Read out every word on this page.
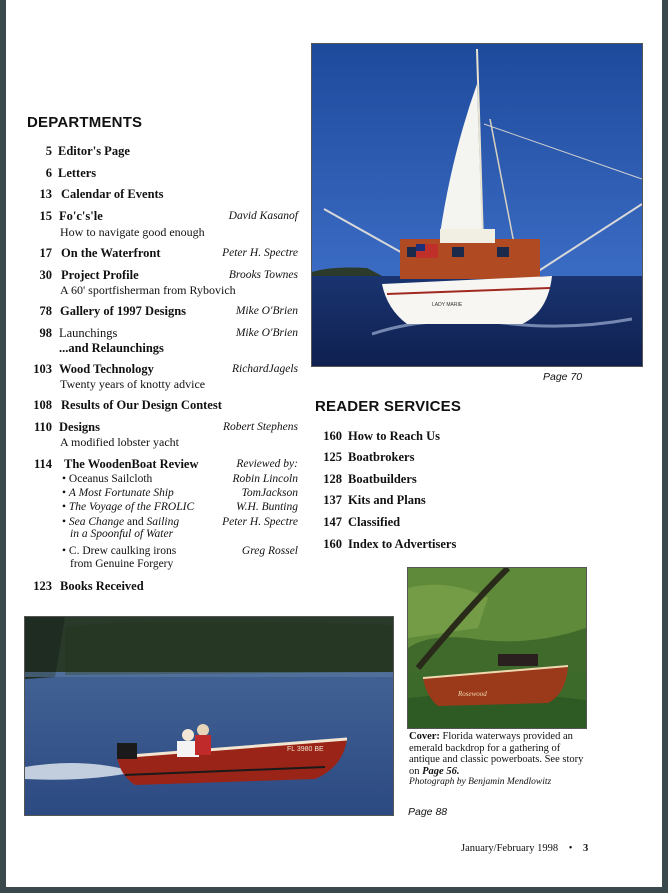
DEPARTMENTS
5 Editor's Page
6 Letters
13 Calendar of Events
15 Fo'c's'le	David Kasanof
How to navigate good enough
17 On the Waterfront	Peter H. Spectre
30 Project Profile	Brooks Townes
A 60' sportfisherman from Rybovich
78 Gallery of 1997 Designs	Mike O'Brien
98 Launchings	Mike O'Brien
...and Relaunchings
103 Wood Technology	RichardJagels
Twenty years of knotty advice
108 Results of Our Design Contest
110 Designs	Robert Stephens
A modified lobster yacht
114 The WoodenBoat Review	Reviewed by:
• Oceanus Sailcloth	Robin Lincoln
• A Most Fortunate Ship	TomJackson
• The Voyage of the FROLIC	W.H. Bunting
• Sea Change and Sailing	Peter H. Spectre
in a Spoonful of Water
• C. Drew caulking irons	Greg Rossel
from Genuine Forgery
123 Books Received
LADY MARIE
Page 70
READER SERVICES
160 How to Reach Us
125 Boatbrokers
128 Boatbuilders
137 Kits and Plans
147 Classified
160 Index to Advertisers
Rosewood
Cover: Florida waterways provided an emerald backdrop for a gathering of antique and classic powerboats. See story on Page 56.
Photograph by Benjamin Mendlowitz
FL 3980 BE
Page 88
January/February 1998 • 3
